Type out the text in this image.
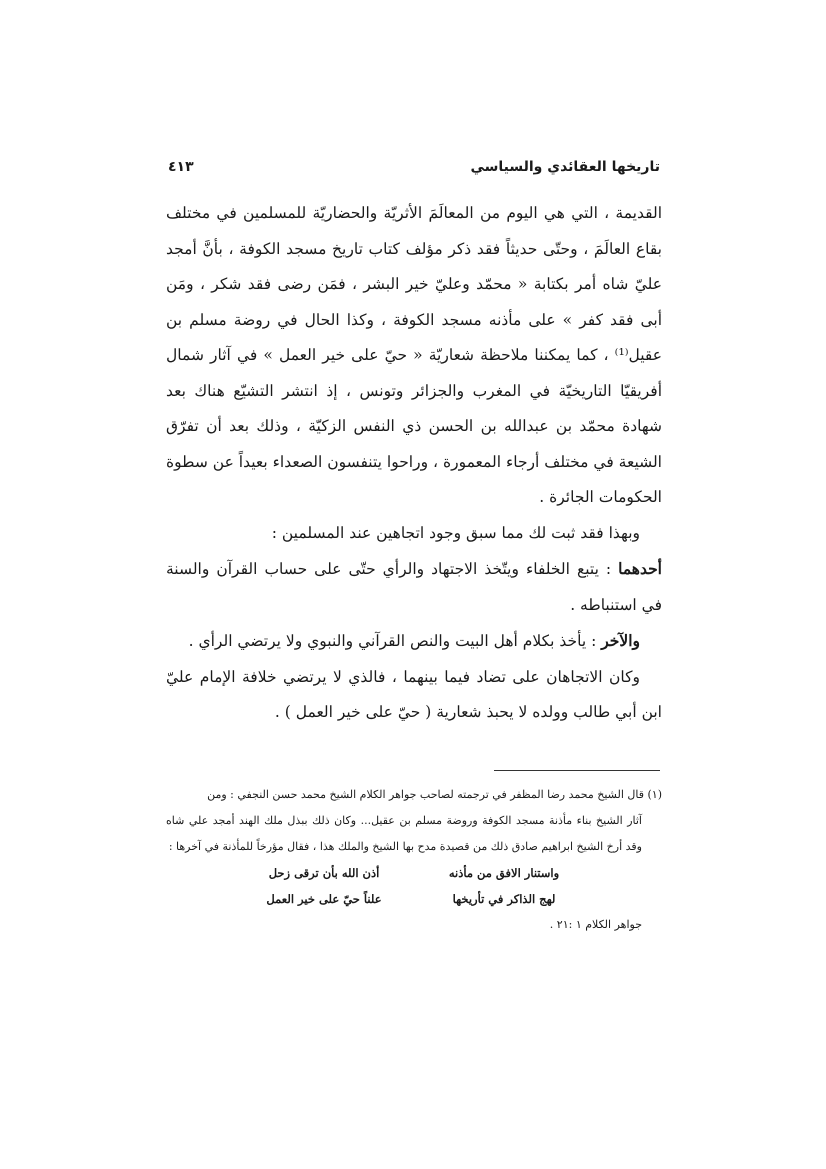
تاريخها العقائدي والسياسي
٤١٣

القديمة ، التي هي اليوم من المعالَمَ الأثريّة والحضاريّة للمسلمين في مختلف بقاع العالَمَ ، وحتّى حديثاً فقد ذكر مؤلف كتاب تاريخ مسجد الكوفة ، بأنَّ أمجد عليّ شاه أمر بكتابة « محمّد وعليّ خير البشر ، فمَن رضى فقد شكر ، ومَن أبى فقد كفر » على مأذنه مسجد الكوفة ، وكذا الحال في روضة مسلم بن عقيل⁽¹⁾ ، كما يمكننا ملاحظة شعاريّة « حيّ على خير العمل » في آثار شمال أفريقيّا التاريخيّة في المغرب والجزائر وتونس ، إذ انتشر التشيّع هناك بعد شهادة محمّد بن عبدالله بن الحسن ذي النفس الزكيّة ، وذلك بعد أن تفرّق الشيعة في مختلف أرجاء المعمورة ، وراحوا يتنفسون الصعداء بعيداً عن سطوة الحكومات الجائرة .

وبهذا فقد ثبت لك مما سبق وجود اتجاهين عند المسلمين :

أحدهما : يتبع الخلفاء ويتّخذ الاجتهاد والرأي حتّى على حساب القرآن والسنة في استنباطه .

والآخر : يأخذ بكلام أهل البيت والنص القرآني والنبوي ولا يرتضي الرأي .

وكان الاتجاهان على تضاد فيما بينهما ، فالذي لا يرتضي خلافة الإمام عليّ ابن أبي طالب وولده لا يحبذ شعارية ( حيّ على خير العمل ) .

(١) قال الشيخ محمد رضا المظفر في ترجمته لصاحب جواهر الكلام الشيخ محمد حسن النجفي : ومن

آثار الشيخ بناء مأذنة مسجد الكوفة وروضة مسلم بن عقيل... وكان ذلك ببذل ملك الهند أمجد علي شاه وقد أرخ الشيخ ابراهيم صادق ذلك من قصيدة مدح بها الشيخ والملك هذا ، فقال مؤرخاً للمأذنة في آخرها :

واستنار الافق من مأذنه
أذن الله بأن ترقى زحل
لهج الذاكر في تأريخها
علناً حيّ على خير العمل

جواهر الكلام ١ :٢١ .
